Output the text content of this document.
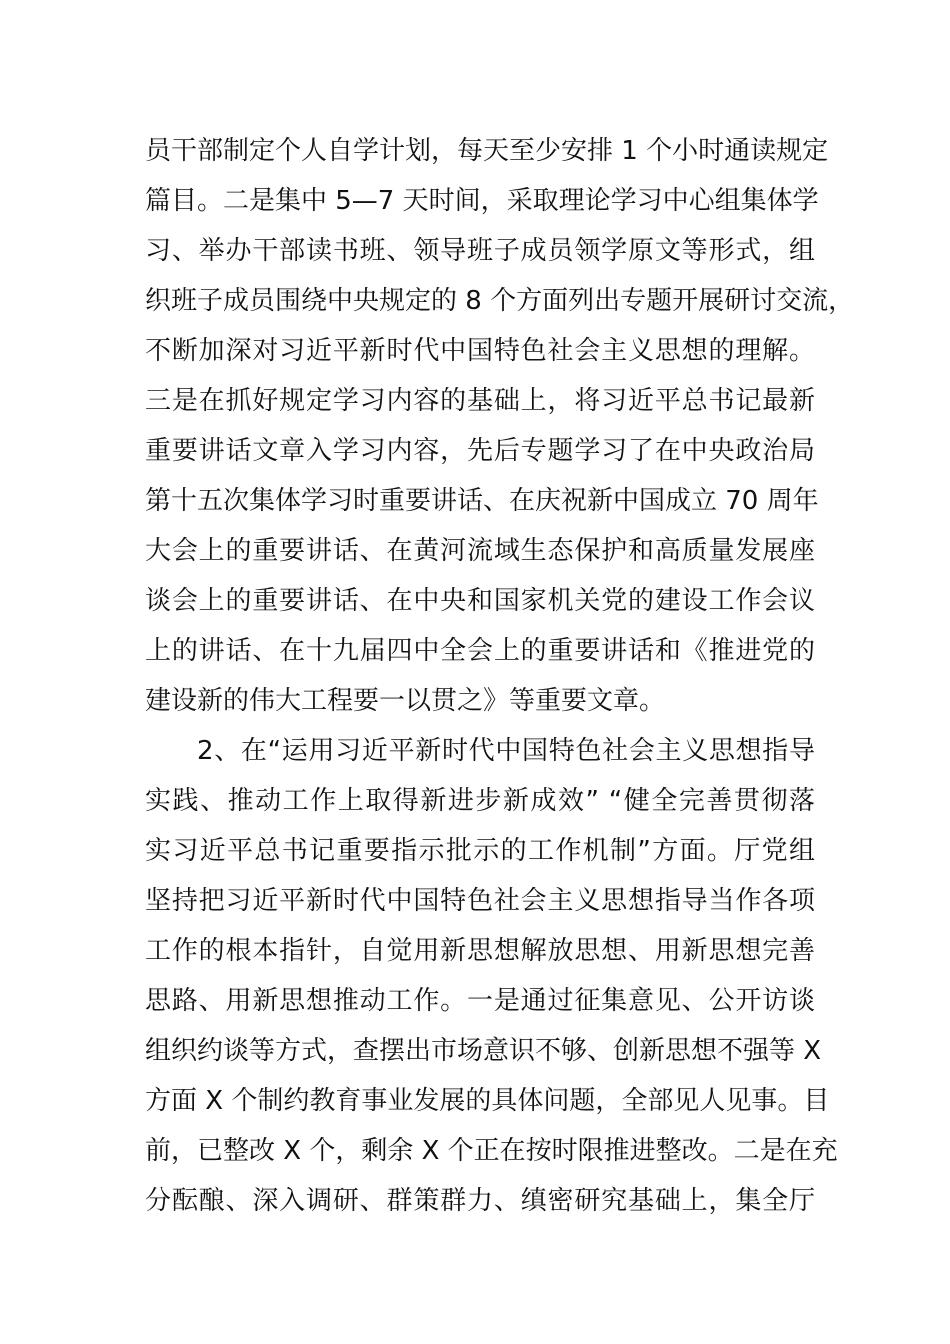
员干部制定个人自学计划，每天至少安排 1 个小时通读规定
篇目。二是集中 5—7 天时间，采取理论学习中心组集体学
习、举办干部读书班、领导班子成员领学原文等形式，组
织班子成员围绕中央规定的 8 个方面列出专题开展研讨交流，
不断加深对习近平新时代中国特色社会主义思想的理解。
三是在抓好规定学习内容的基础上，将习近平总书记最新
重要讲话文章入学习内容，先后专题学习了在中央政治局
第十五次集体学习时重要讲话、在庆祝新中国成立 70 周年
大会上的重要讲话、在黄河流域生态保护和高质量发展座
谈会上的重要讲话、在中央和国家机关党的建设工作会议
上的讲话、在十九届四中全会上的重要讲话和《推进党的
建设新的伟大工程要一以贯之》等重要文章。
2、在“运用习近平新时代中国特色社会主义思想指导
实践、推动工作上取得新进步新成效” “健全完善贯彻落
实习近平总书记重要指示批示的工作机制”方面。厅党组
坚持把习近平新时代中国特色社会主义思想指导当作各项
工作的根本指针，自觉用新思想解放思想、用新思想完善
思路、用新思想推动工作。一是通过征集意见、公开访谈
组织约谈等方式，查摆出市场意识不够、创新思想不强等 X
方面 X 个制约教育事业发展的具体问题，全部见人见事。目
前，已整改 X 个，剩余 X 个正在按时限推进整改。二是在充
分酝酿、深入调研、群策群力、缜密研究基础上，集全厅
